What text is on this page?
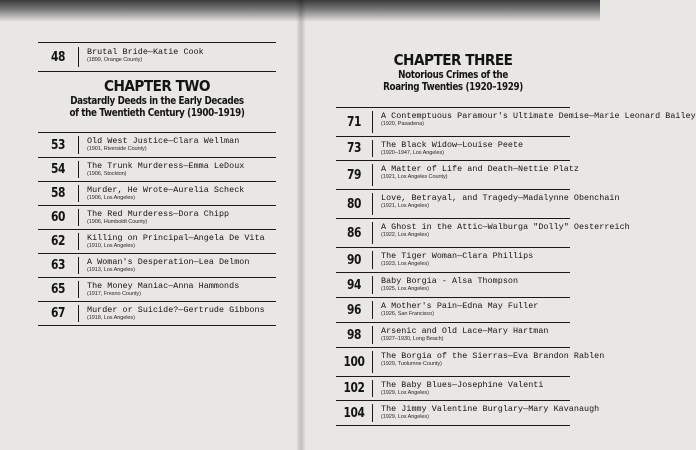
48	Brutal Bride—Katie Cook
(1899, Orange County)
CHAPTER TWO
Dastardly Deeds in the Early Decades
of the Twentieth Century (1900–1919)
53	Old West Justice—Clara Wellman
(1901, Riverside County)
54	The Trunk Murderess—Emma LeDoux
(1906, Stockton)
58	Murder, He Wrote—Aurelia Scheck
(1906, Los Angeles)
60	The Red Murderess—Dora Chipp
(1906, Humboldt County)
62	Killing on Principal—Angela De Vita
(1910, Los Angeles)
63	A Woman's Desperation—Lea Delmon
(1913, Los Angeles)
65	The Money Maniac—Anna Hammonds
(1917, Fresno County)
67	Murder or Suicide?—Gertrude Gibbons
(1918, Los Angeles)
CHAPTER THREE
Notorious Crimes of the
Roaring Twenties (1920–1929)
71	A Contemptuous Paramour's Ultimate Demise—Marie Leonard Bailey
(1920, Pasadena)
73	The Black Widow—Louise Peete
(1920–1947, Los Angeles)
79	A Matter of Life and Death—Nettie Platz
(1921, Los Angeles County)
80	Love, Betrayal, and Tragedy—Madalynne Obenchain
(1921, Los Angeles)
86	A Ghost in the Attic—Walburga "Dolly" Oesterreich
(1922, Los Angeles)
90	The Tiger Woman—Clara Phillips
(1923, Los Angeles)
94	Baby Borgia - Alsa Thompson
(1925, Los Angeles)
96	A Mother's Pain—Edna May Fuller
(1926, San Francisco)
98	Arsenic and Old Lace—Mary Hartman
(1927–1930, Long Beach)
100	The Borgia of the Sierras—Eva Brandon Rablen
(1929, Tuolumne County)
102	The Baby Blues—Josephine Valenti
(1929, Los Angeles)
104	The Jimmy Valentine Burglary—Mary Kavanaugh
(1929, Los Angeles)
